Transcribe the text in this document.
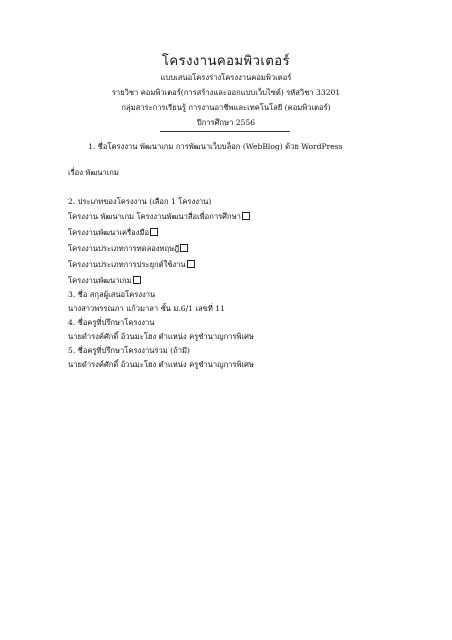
โครงงานคอมพิวเตอร์
แบบเสนอโครงร่างโครงงานคอมพิวเตอร์
รายวิชา คอมพิวเตอร์(การสร้างและออกแบบเว็บไซต์) รหัสวิชา 33201
กลุ่มสาระการเรียนรู้ การงานอาชีพและเทคโนโลยี (คอมพิวเตอร์)
ปีการศึกษา 2556
1. ชื่อโครงงาน พัฒนาเกม การพัฒนาเว็บบล็อก (WebBlog) ด้วย WordPress
เรื่อง พัฒนาเกม
2. ประเภทของโครงงาน (เลือก 1 โครงงาน)
โครงงาน พัฒนาเกม โครงงานพัฒนาสื่อเพื่อการศึกษา
โครงงานพัฒนาเครื่องมือ
โครงงานประเภทการทดลองทฤษฎี
โครงงานประเภทการประยุกต์ใช้งาน
โครงงานพัฒนาเกม
3. ชื่อ สกุลผู้เสนอโครงงาน
นางสาวพรรณภา แก้วมาลา ชั้น ม.6/1 เลขที่ 11
4. ชื่อครูที่ปรึกษาโครงงาน
นายดำรงค์ศักดิ์ อ้วนมะโฮง ตำแหน่ง ครูชำนาญการพิเศษ
5. ชื่อครูที่ปรึกษาโครงงานร่วม (ถ้ามี)
นายดำรงค์ศักดิ์ อ้วนมะโฮง ตำแหน่ง ครูชำนาญการพิเศษ
